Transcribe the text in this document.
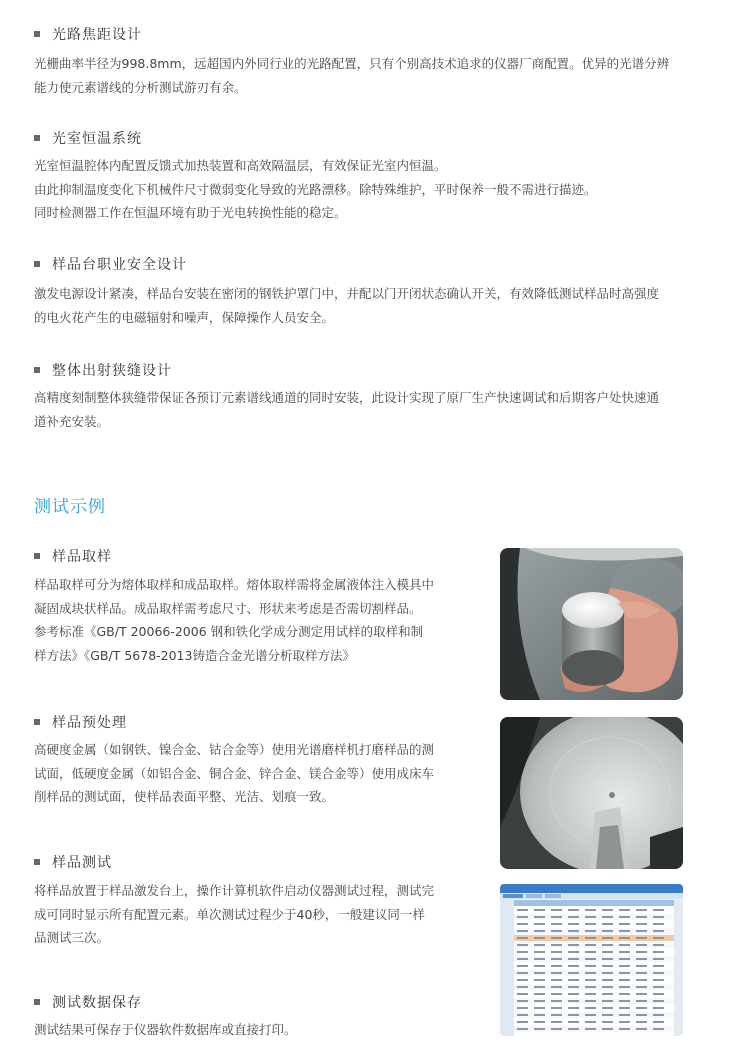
光路焦距设计
光栅曲率半径为998.8mm，远超国内外同行业的光路配置，只有个别高技术追求的仪器厂商配置。优异的光谱分辨
能力使元素谱线的分析测试游刃有余。
光室恒温系统
光室恒温腔体内配置反馈式加热装置和高效隔温层，有效保证光室内恒温。
由此抑制温度变化下机械件尺寸微弱变化导致的光路漂移。除特殊维护，平时保养一般不需进行描迹。
同时检测器工作在恒温环境有助于光电转换性能的稳定。
样品台职业安全设计
激发电源设计紧凑，样品台安装在密闭的钢铁护罩门中，并配以门开闭状态确认开关，有效降低测试样品时高强度
的电火花产生的电磁辐射和噪声，保障操作人员安全。
整体出射狭缝设计
高精度刻制整体狭缝带保证各预订元素谱线通道的同时安装，此设计实现了原厂生产快速调试和后期客户处快速通
道补充安装。
测试示例
样品取样
样品取样可分为熔体取样和成品取样。熔体取样需将金属液体注入模具中
凝固成块状样品。成品取样需考虑尺寸、形状来考虑是否需切割样品。
参考标准《GB/T 20066-2006 钢和铁化学成分测定用试样的取样和制
样方法》《GB/T 5678-2013铸造合金光谱分析取样方法》
样品预处理
高硬度金属（如钢铁、镍合金、钴合金等）使用光谱磨样机打磨样品的测
试面，低硬度金属（如铝合金、铜合金、锌合金、镁合金等）使用成床车
削样品的测试面，使样品表面平整、光洁、划痕一致。
样品测试
将样品放置于样品激发台上，操作计算机软件启动仪器测试过程，测试完
成可同时显示所有配置元素。单次测试过程少于40秒，一般建议同一样
品测试三次。
测试数据保存
测试结果可保存于仪器软件数据库或直接打印。
